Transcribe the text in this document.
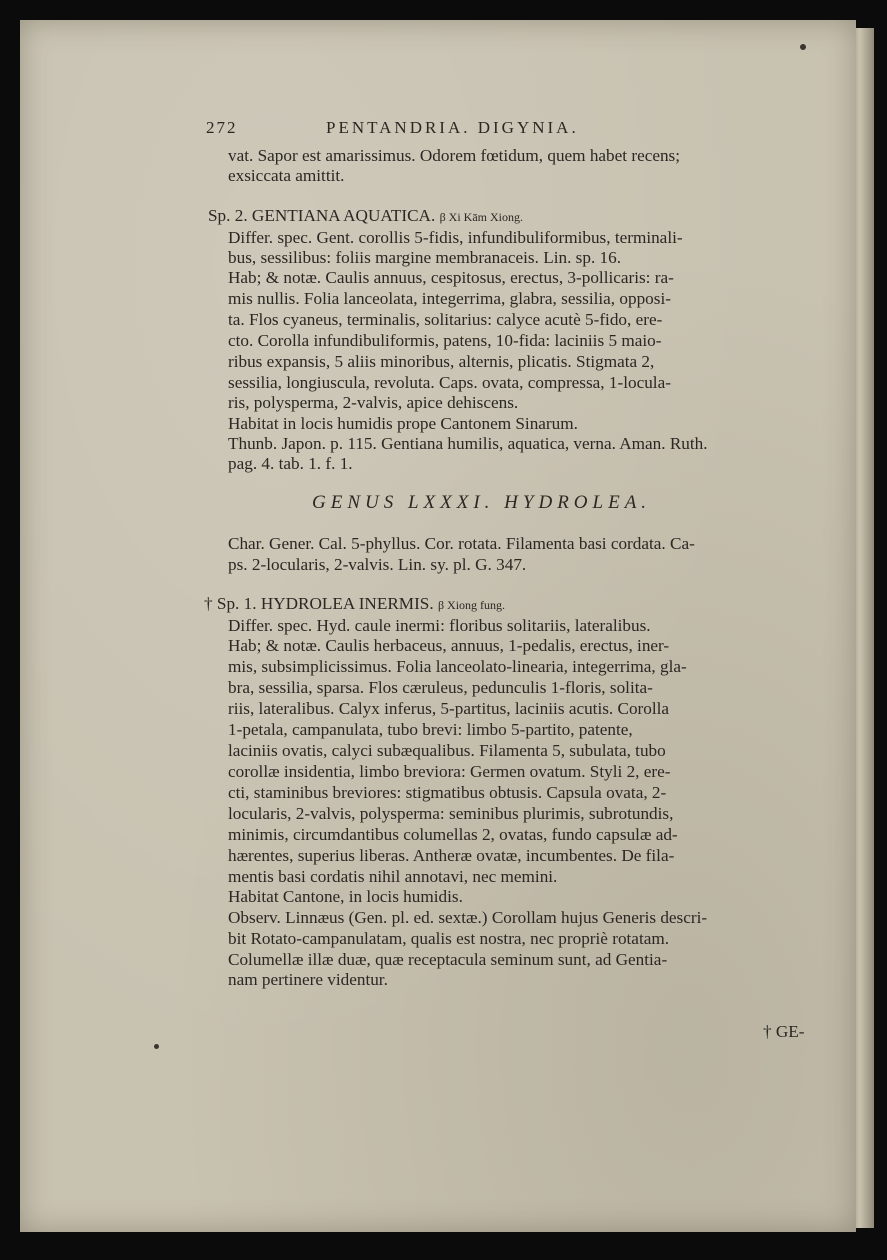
272	PENTANDRIA. DIGYNIA.
vat. Sapor est amarissimus. Odorem fœtidum, quem habet recens;
exsiccata amittit.
Sp. 2. GENTIANA AQUATICA. β Xi Kām Xiong.
Differ. spec. Gent. corollis 5-fidis, infundibuliformibus, terminali-
bus, sessilibus: foliis margine membranaceis. Lin. sp. 16.
Hab; & notæ. Caulis annuus, cespitosus, erectus, 3-pollicaris: ra-
mis nullis. Folia lanceolata, integerrima, glabra, sessilia, opposi-
ta. Flos cyaneus, terminalis, solitarius: calyce acutè 5-fido, ere-
cto. Corolla infundibuliformis, patens, 10-fida: laciniis 5 maio-
ribus expansis, 5 aliis minoribus, alternis, plicatis. Stigmata 2,
sessilia, longiuscula, revoluta. Caps. ovata, compressa, 1-locula-
ris, polysperma, 2-valvis, apice dehiscens.
Habitat in locis humidis prope Cantonem Sinarum.
Thunb. Japon. p. 115. Gentiana humilis, aquatica, verna. Aman. Ruth.
pag. 4. tab. 1. f. 1.
GENUS LXXXI. HYDROLEA.
Char. Gener. Cal. 5-phyllus. Cor. rotata. Filamenta basi cordata. Ca-
ps. 2-locularis, 2-valvis. Lin. sy. pl. G. 347.
† Sp. 1. HYDROLEA INERMIS. β Xiong fung.
Differ. spec. Hyd. caule inermi: floribus solitariis, lateralibus.
Hab; & notæ. Caulis herbaceus, annuus, 1-pedalis, erectus, iner-
mis, subsimplicissimus. Folia lanceolato-linearia, integerrima, gla-
bra, sessilia, sparsa. Flos cæruleus, pedunculis 1-floris, solita-
riis, lateralibus. Calyx inferus, 5-partitus, laciniis acutis. Corolla
1-petala, campanulata, tubo brevi: limbo 5-partito, patente,
laciniis ovatis, calyci subæqualibus. Filamenta 5, subulata, tubo
corollæ insidentia, limbo breviora: Germen ovatum. Styli 2, ere-
cti, staminibus breviores: stigmatibus obtusis. Capsula ovata, 2-
locularis, 2-valvis, polysperma: seminibus plurimis, subrotundis,
minimis, circumdantibus columellas 2, ovatas, fundo capsulæ ad-
hærentes, superius liberas. Antheræ ovatæ, incumbentes. De fila-
mentis basi cordatis nihil annotavi, nec memini.
Habitat Cantone, in locis humidis.
Observ. Linnæus (Gen. pl. ed. sextæ.) Corollam hujus Generis descri-
bit Rotato-campanulatam, qualis est nostra, nec propriè rotatam.
Columellæ illæ duæ, quæ receptacula seminum sunt, ad Gentia-
nam pertinere videntur.
† GE-
